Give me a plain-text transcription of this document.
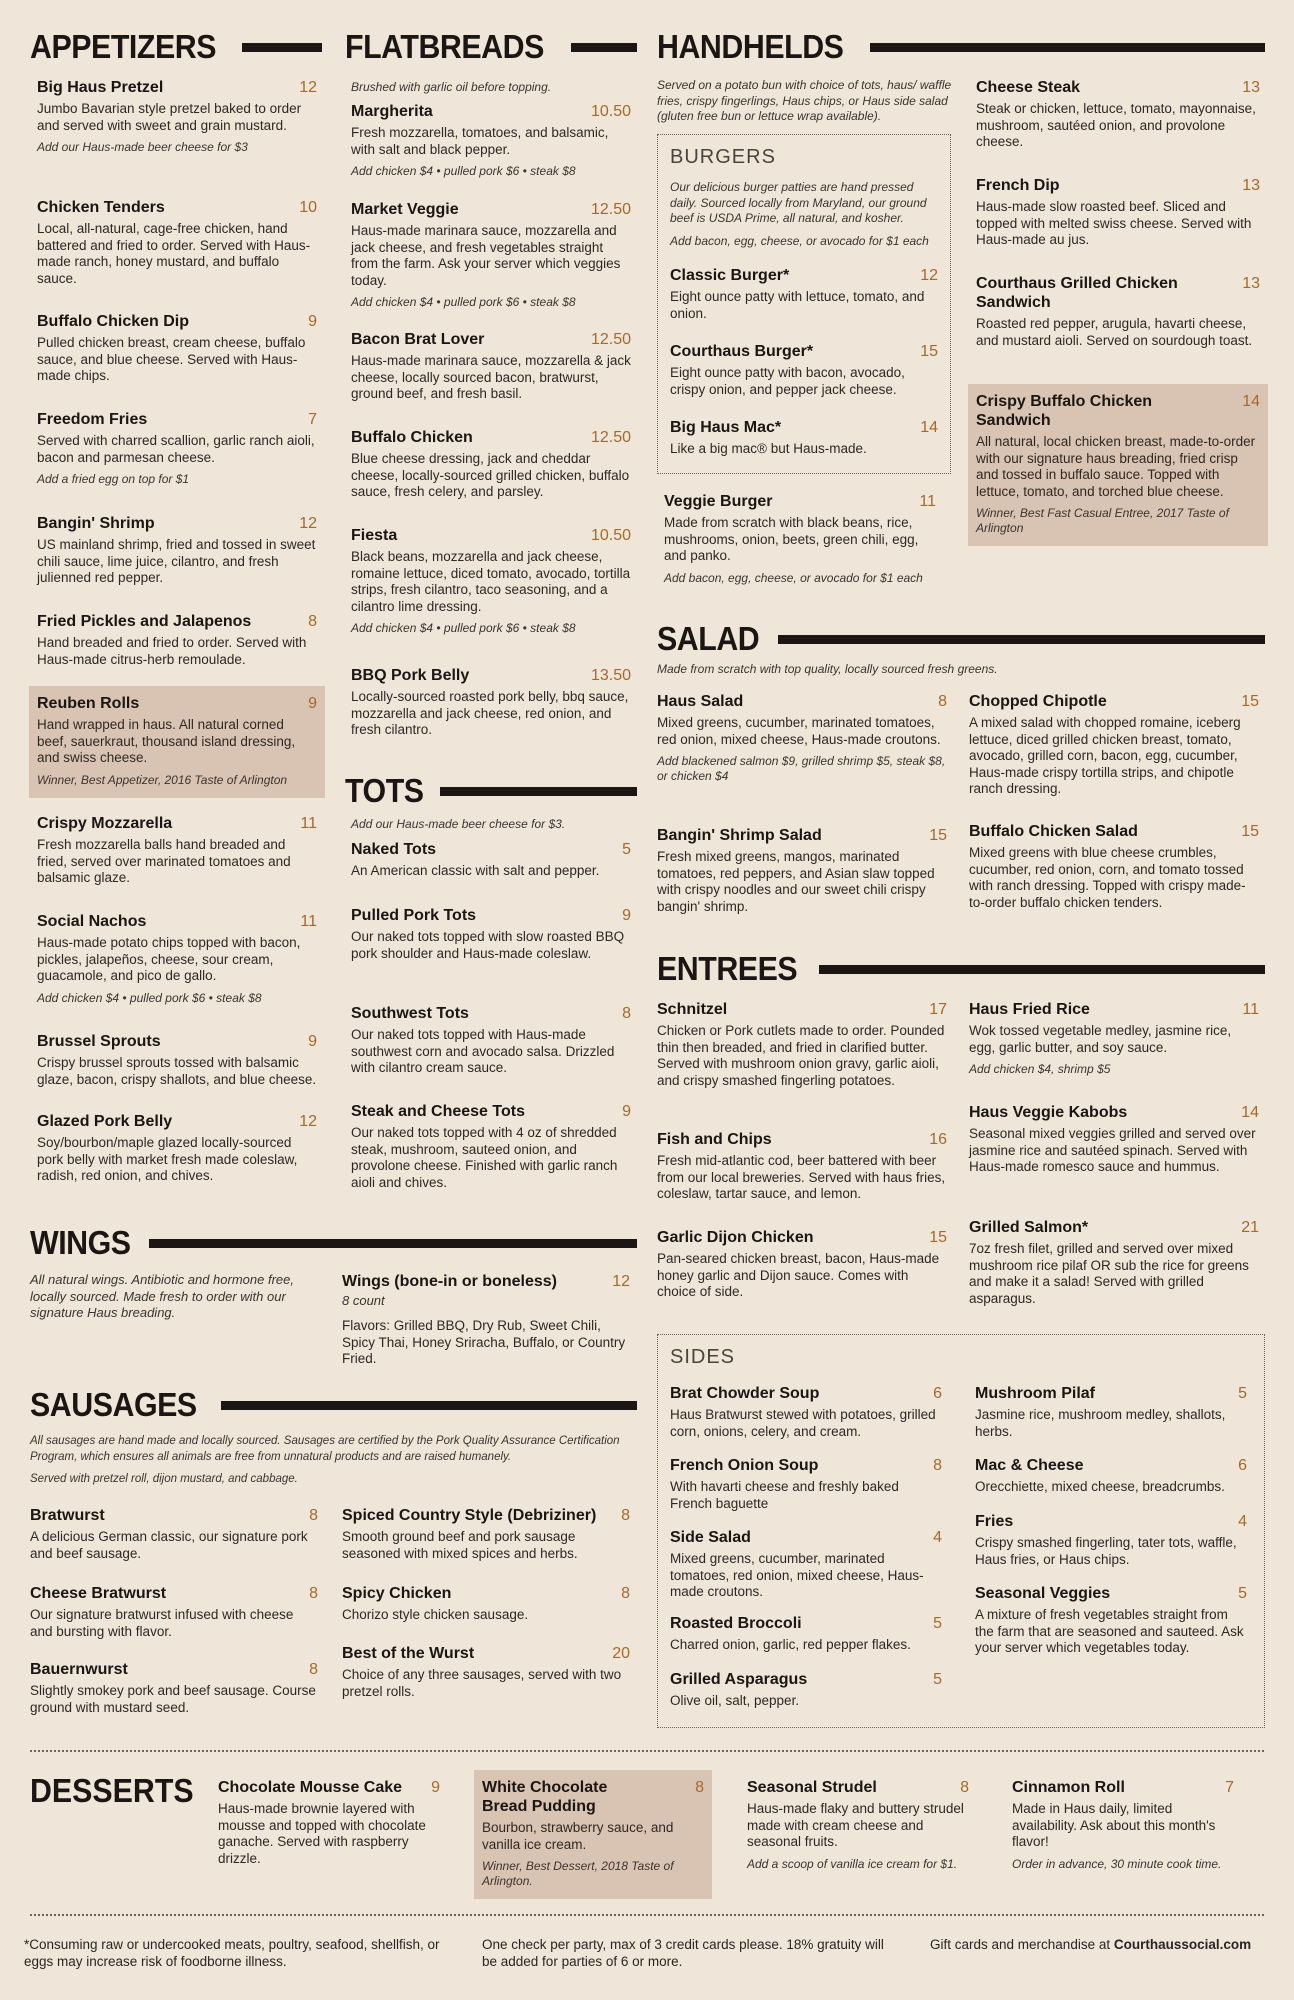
APPETIZERS	FLATBREADS
Brushed with garlic oil before topping.
TOTS
Add our Haus-made beer cheese for $3.
HANDHELDS
Served on a potato bun with choice of tots, haus/ waffle fries, crispy fingerlings, Haus chips, or Haus side salad (gluten free bun or lettuce wrap available).
BURGERS
Our delicious burger patties are hand pressed daily. Sourced locally from Maryland, our ground beef is USDA Prime, all natural, and kosher.
Add bacon, egg, cheese, or avocado for $1 each
SALAD
Made from scratch with top quality, locally sourced fresh greens.
ENTREES
SIDES
WINGS
All natural wings. Antibiotic and hormone free, locally sourced. Made fresh to order with our signature Haus breading.
Wings (bone-in or boneless)	12
8 count
Flavors: Grilled BBQ, Dry Rub, Sweet Chili, Spicy Thai, Honey Sriracha, Buffalo, or Country Fried.
SAUSAGES
All sausages are hand made and locally sourced. Sausages are certified by the Pork Quality Assurance Certification Program, which ensures all animals are free from unnatural products and are raised humanely.
Served with pretzel roll, dijon mustard, and cabbage.
DESSERTS
*Consuming raw or undercooked meats, poultry, seafood, shellfish, or eggs may increase risk of foodborne illness.
One check per party, max of 3 credit cards please. 18% gratuity will be added for parties of 6 or more.
Gift cards and merchandise at Courthaussocial.com
Big Haus Pretzel	12
Jumbo Bavarian style pretzel baked to order and served with sweet and grain mustard.
Add our Haus-made beer cheese for $3
Chicken Tenders	10
Local, all-natural, cage-free chicken, hand battered and fried to order. Served with Haus-made ranch, honey mustard, and buffalo sauce.
Buffalo Chicken Dip	9
Pulled chicken breast, cream cheese, buffalo sauce, and blue cheese. Served with Haus-made chips.
Freedom Fries	7
Served with charred scallion, garlic ranch aioli, bacon and parmesan cheese.
Add a fried egg on top for $1
Bangin' Shrimp	12
US mainland shrimp, fried and tossed in sweet chili sauce, lime juice, cilantro, and fresh julienned red pepper.
Fried Pickles and Jalapenos	8
Hand breaded and fried to order. Served with Haus-made citrus-herb remoulade.
Reuben Rolls	9
Hand wrapped in haus. All natural corned beef, sauerkraut, thousand island dressing, and swiss cheese.
Winner, Best Appetizer, 2016 Taste of Arlington
Crispy Mozzarella	11
Fresh mozzarella balls hand breaded and fried, served over marinated tomatoes and balsamic glaze.
Social Nachos	11
Haus-made potato chips topped with bacon, pickles, jalapeños, cheese, sour cream, guacamole, and pico de gallo.
Add chicken $4 • pulled pork $6 • steak $8
Brussel Sprouts	9
Crispy brussel sprouts tossed with balsamic glaze, bacon, crispy shallots, and blue cheese.
Glazed Pork Belly	12
Soy/bourbon/maple glazed locally-sourced pork belly with market fresh made coleslaw, radish, red onion, and chives.
Margherita	10.50
Fresh mozzarella, tomatoes, and balsamic, with salt and black pepper.
Add chicken $4 • pulled pork $6 • steak $8
Market Veggie	12.50
Haus-made marinara sauce, mozzarella and jack cheese, and fresh vegetables straight from the farm. Ask your server which veggies today.
Add chicken $4 • pulled pork $6 • steak $8
Bacon Brat Lover	12.50
Haus-made marinara sauce, mozzarella & jack cheese, locally sourced bacon, bratwurst, ground beef, and fresh basil.
Buffalo Chicken	12.50
Blue cheese dressing, jack and cheddar cheese, locally-sourced grilled chicken, buffalo sauce, fresh celery, and parsley.
Fiesta	10.50
Black beans, mozzarella and jack cheese, romaine lettuce, diced tomato, avocado, tortilla strips, fresh cilantro, taco seasoning, and a cilantro lime dressing.
Add chicken $4 • pulled pork $6 • steak $8
BBQ Pork Belly	13.50
Locally-sourced roasted pork belly, bbq sauce, mozzarella and jack cheese, red onion, and fresh cilantro.
Naked Tots	5
An American classic with salt and pepper.
Pulled Pork Tots	9
Our naked tots topped with slow roasted BBQ pork shoulder and Haus-made coleslaw.
Southwest Tots	8
Our naked tots topped with Haus-made southwest corn and avocado salsa. Drizzled with cilantro cream sauce.
Steak and Cheese Tots	9
Our naked tots topped with 4 oz of shredded steak, mushroom, sauteed onion, and provolone cheese. Finished with garlic ranch aioli and chives.
Classic Burger*	12
Eight ounce patty with lettuce, tomato, and onion.
Courthaus Burger*	15
Eight ounce patty with bacon, avocado, crispy onion, and pepper jack cheese.
Big Haus Mac*	14
Like a big mac® but Haus-made.
Veggie Burger	11
Made from scratch with black beans, rice, mushrooms, onion, beets, green chili, egg, and panko.
Add bacon, egg, cheese, or avocado for $1 each
Cheese Steak	13
Steak or chicken, lettuce, tomato, mayonnaise, mushroom, sautéed onion, and provolone cheese.
French Dip	13
Haus-made slow roasted beef. Sliced and topped with melted swiss cheese. Served with Haus-made au jus.
Courthaus Grilled Chicken Sandwich
13
Roasted red pepper, arugula, havarti cheese, and mustard aioli. Served on sourdough toast.
Crispy Buffalo Chicken Sandwich
14
All natural, local chicken breast, made-to-order with our signature haus breading, fried crisp and tossed in buffalo sauce. Topped with lettuce, tomato, and torched blue cheese.
Winner, Best Fast Casual Entree, 2017 Taste of Arlington
Haus Salad	8
Mixed greens, cucumber, marinated tomatoes, red onion, mixed cheese, Haus-made croutons.
Add blackened salmon $9, grilled shrimp $5, steak $8, or chicken $4
Bangin' Shrimp Salad	15
Fresh mixed greens, mangos, marinated tomatoes, red peppers, and Asian slaw topped with crispy noodles and our sweet chili crispy bangin' shrimp.
Chopped Chipotle	15
A mixed salad with chopped romaine, iceberg lettuce, diced grilled chicken breast, tomato, avocado, grilled corn, bacon, egg, cucumber, Haus-made crispy tortilla strips, and chipotle ranch dressing.
Buffalo Chicken Salad	15
Mixed greens with blue cheese crumbles, cucumber, red onion, corn, and tomato tossed with ranch dressing. Topped with crispy made-to-order buffalo chicken tenders.
Schnitzel	17
Chicken or Pork cutlets made to order. Pounded thin then breaded, and fried in clarified butter. Served with mushroom onion gravy, garlic aioli, and crispy smashed fingerling potatoes.
Fish and Chips	16
Fresh mid-atlantic cod, beer battered with beer from our local breweries. Served with haus fries, coleslaw, tartar sauce, and lemon.
Garlic Dijon Chicken	15
Pan-seared chicken breast, bacon, Haus-made honey garlic and Dijon sauce. Comes with choice of side.
Haus Fried Rice	11
Wok tossed vegetable medley, jasmine rice, egg, garlic butter, and soy sauce.
Add chicken $4, shrimp $5
Haus Veggie Kabobs	14
Seasonal mixed veggies grilled and served over jasmine rice and sautéed spinach. Served with Haus-made romesco sauce and hummus.
Grilled Salmon*	21
7oz fresh filet, grilled and served over mixed mushroom rice pilaf OR sub the rice for greens and make it a salad! Served with grilled asparagus.
Brat Chowder Soup	6
Haus Bratwurst stewed with potatoes, grilled corn, onions, celery, and cream.
French Onion Soup	8
With havarti cheese and freshly baked French baguette
Side Salad	4
Mixed greens, cucumber, marinated tomatoes, red onion, mixed cheese, Haus-made croutons.
Roasted Broccoli	5
Charred onion, garlic, red pepper flakes.
Grilled Asparagus	5
Olive oil, salt, pepper.
Mushroom Pilaf	5
Jasmine rice, mushroom medley, shallots, herbs.
Mac & Cheese	6
Orecchiette, mixed cheese, breadcrumbs.
Fries	4
Crispy smashed fingerling, tater tots, waffle, Haus fries, or Haus chips.
Seasonal Veggies	5
A mixture of fresh vegetables straight from the farm that are seasoned and sauteed. Ask your server which vegetables today.
Bratwurst	8
A delicious German classic, our signature pork and beef sausage.
Cheese Bratwurst	8
Our signature bratwurst infused with cheese and bursting with flavor.
Bauernwurst	8
Slightly smokey pork and beef sausage. Course ground with mustard seed.
Spiced Country Style (Debriziner)	8
Smooth ground beef and pork sausage seasoned with mixed spices and herbs.
Spicy Chicken	8
Chorizo style chicken sausage.
Best of the Wurst	20
Choice of any three sausages, served with two pretzel rolls.
Chocolate Mousse Cake	9
Haus-made brownie layered with mousse and topped with chocolate ganache. Served with raspberry drizzle.
White Chocolate Bread Pudding
8
Bourbon, strawberry sauce, and vanilla ice cream.
Winner, Best Dessert, 2018 Taste of Arlington.
Seasonal Strudel	8
Haus-made flaky and buttery strudel made with cream cheese and seasonal fruits.
Add a scoop of vanilla ice cream for $1.
Cinnamon Roll	7
Made in Haus daily, limited availability. Ask about this month's flavor!
Order in advance, 30 minute cook time.
